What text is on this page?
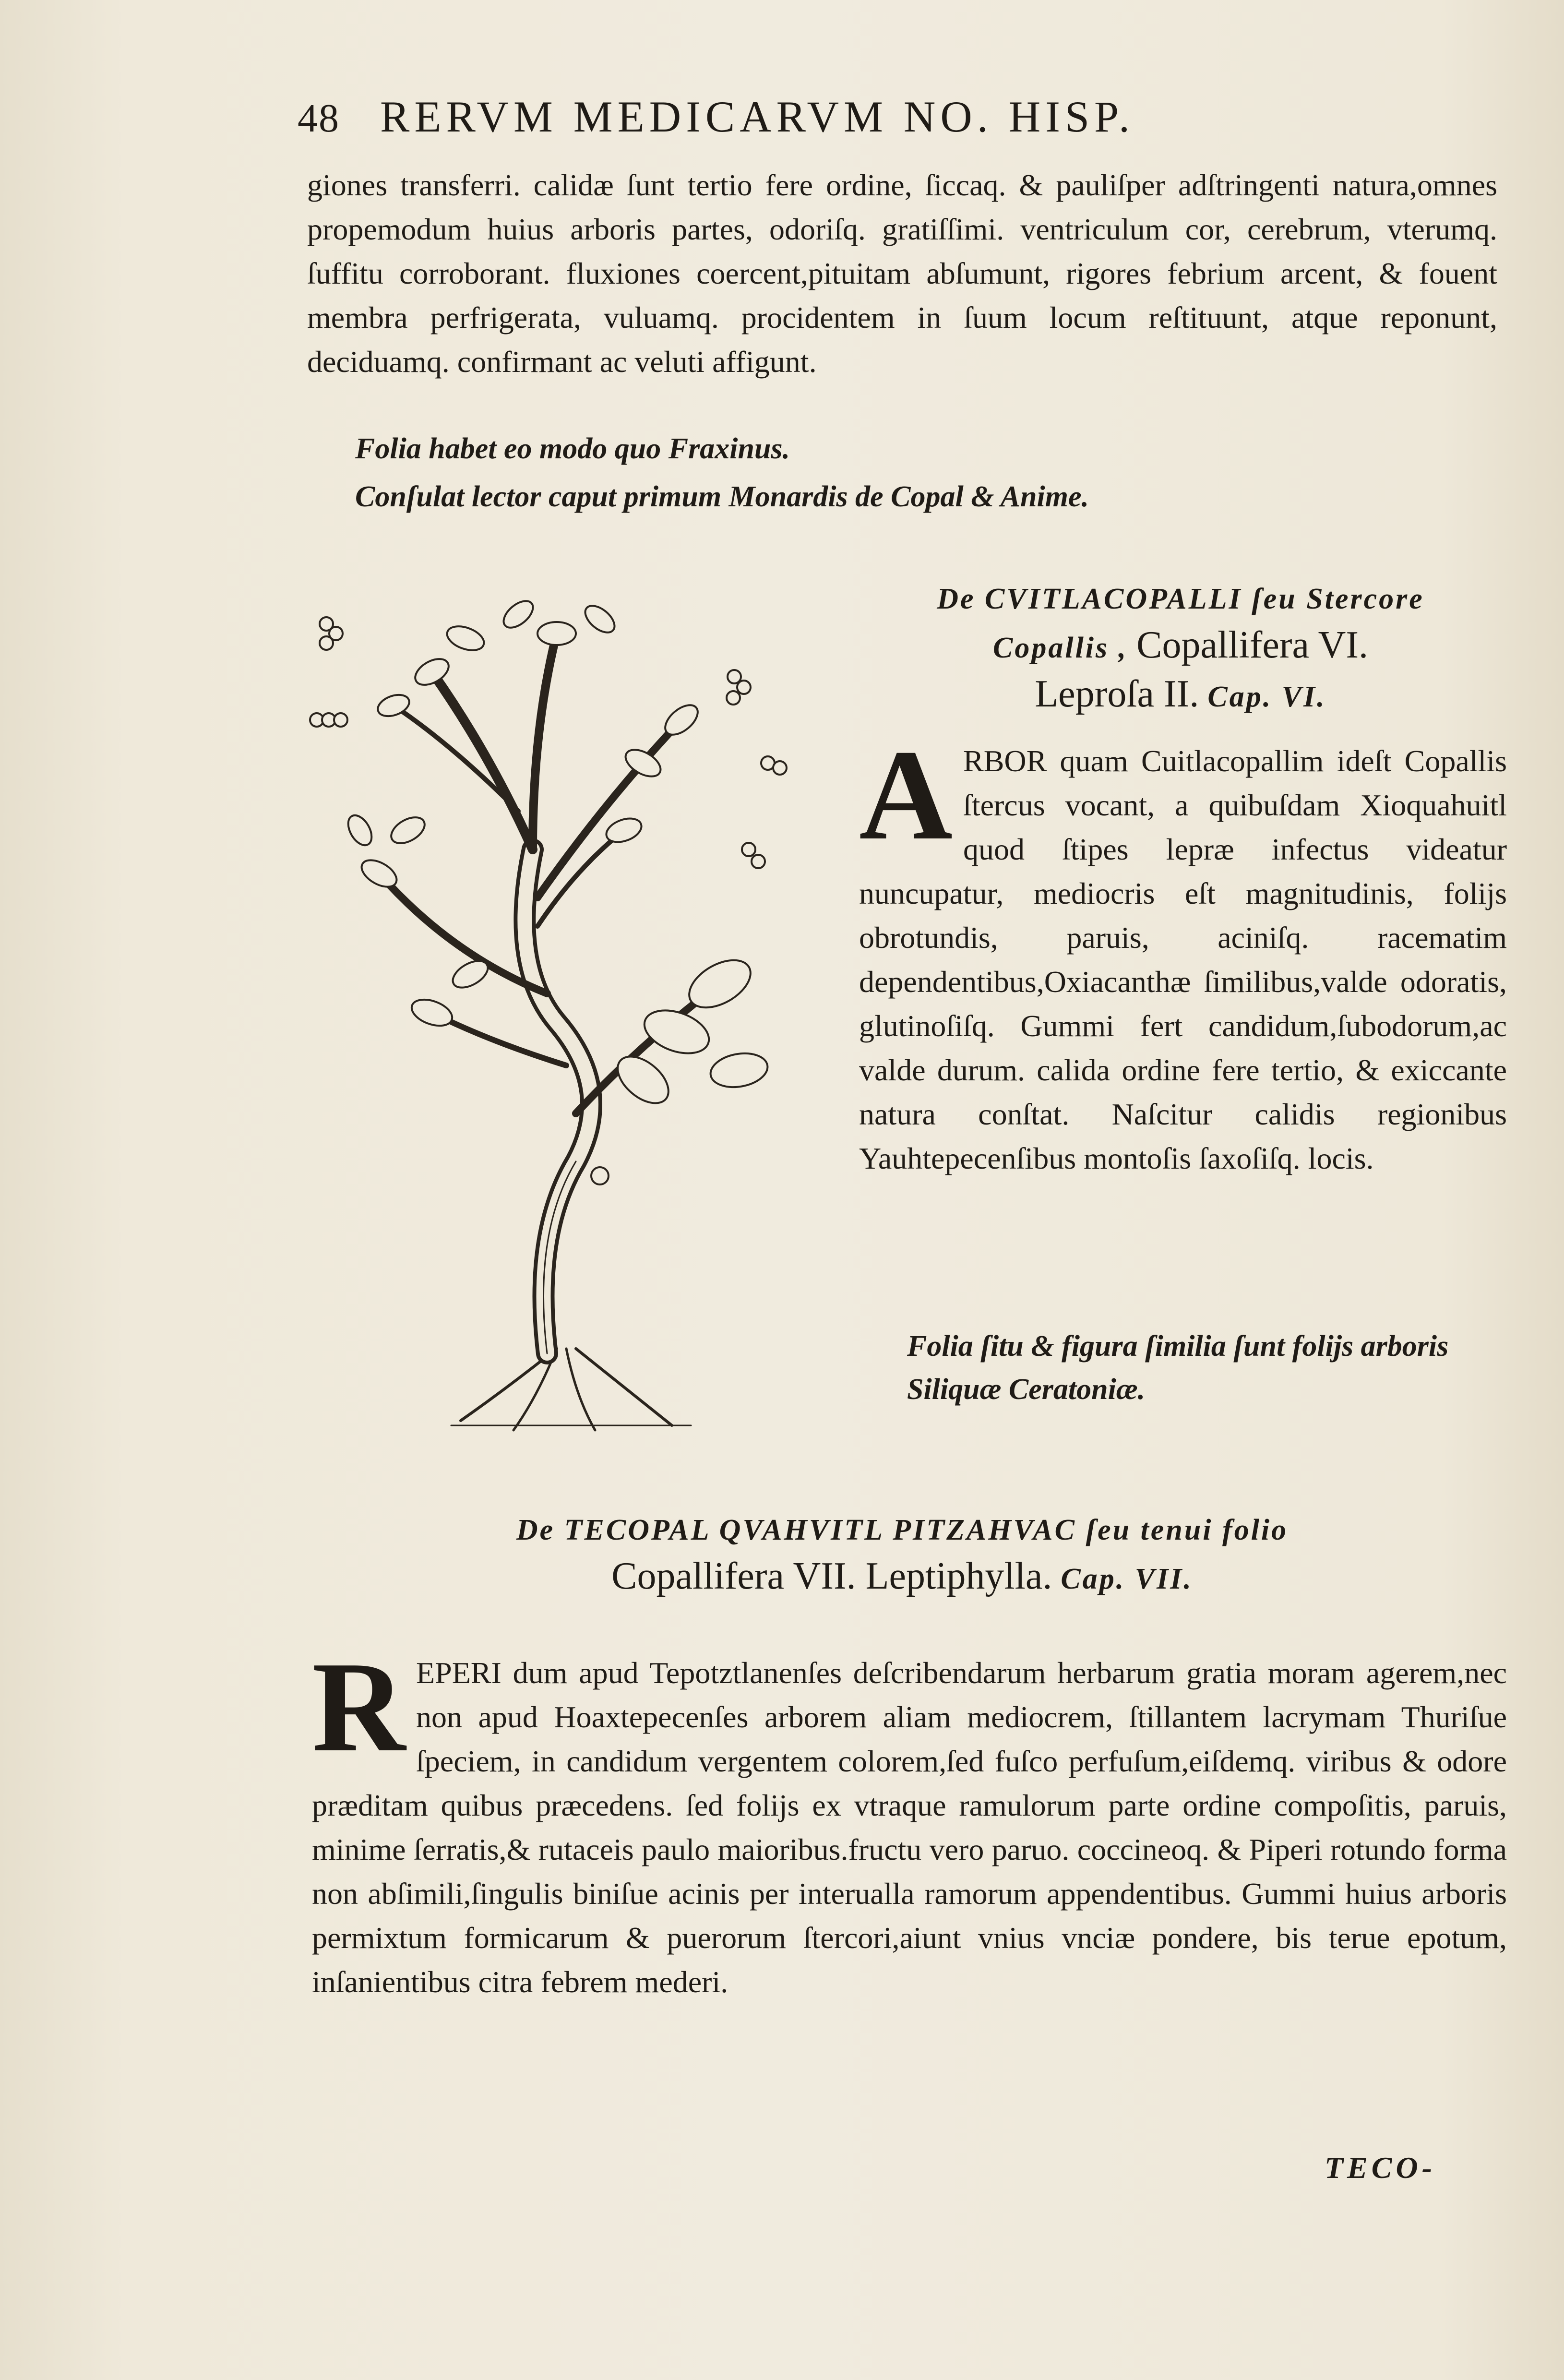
48 RERVM MEDICARVM NO. HISP.

giones transferri. calidæ ſunt tertio fere ordine, ſiccaq. & pauliſper adſtringenti natura,omnes propemodum huius arboris partes, odoriſq. gratiſſimi. ventriculum cor, cerebrum, vterumq. ſuffitu corroborant. fluxiones coercent,pituitam abſumunt, rigores febrium arcent, & fouent membra perfrigerata, vuluamq. procidentem in ſuum locum reſtituunt, atque reponunt, deciduamq. confirmant ac veluti affigunt.

Folia habet eo modo quo Fraxinus.
Conſulat lector caput primum Monardis de Copal & Anime.
De CVITLACOPALLI ſeu Stercore
Copallis , Copallifera VI.
Leproſa II. Cap. VI.
A RBOR quam Cuitlacopallim ideſt Copallis ſtercus vocant, a quibuſdam Xioquahuitl quod ſtipes lepræ infectus videatur nuncupatur, mediocris eſt magnitudinis, folijs obrotundis, paruis, aciniſq. racematim dependentibus,Oxiacanthæ ſimilibus,valde odoratis, glutinoſiſq. Gummi fert candidum,ſubodorum,ac valde durum. calida ordine fere tertio, & exiccante natura conſtat. Naſcitur calidis regionibus Yauhtepecenſibus montoſis ſaxoſiſq. locis.
Folia ſitu & figura ſimilia ſunt folijs arboris Siliquæ Ceratoniæ.
De TECOPAL QVAHVITL PITZAHVAC ſeu tenui folio
Copallifera VII. Leptiphylla. Cap. VII.
R EPERI dum apud Tepotztlanenſes deſcribendarum herbarum gratia moram agerem,nec non apud Hoaxtepecenſes arborem aliam mediocrem, ſtillantem lacrymam Thuriſue ſpeciem, in candidum vergentem colorem,ſed fuſco perfuſum,eiſdemq. viribus & odore præditam quibus præcedens. ſed folijs ex vtraque ramulorum parte ordine compoſitis, paruis, minime ſerratis,& rutaceis paulo maioribus.fructu vero paruo. coccineoq. & Piperi rotundo forma non abſimili,ſingulis biniſue acinis per interualla ramorum appendentibus. Gummi huius arboris permixtum formicarum & puerorum ſtercori,aiunt vnius vnciæ pondere, bis terue epotum, inſanientibus citra febrem mederi.
TECO-
